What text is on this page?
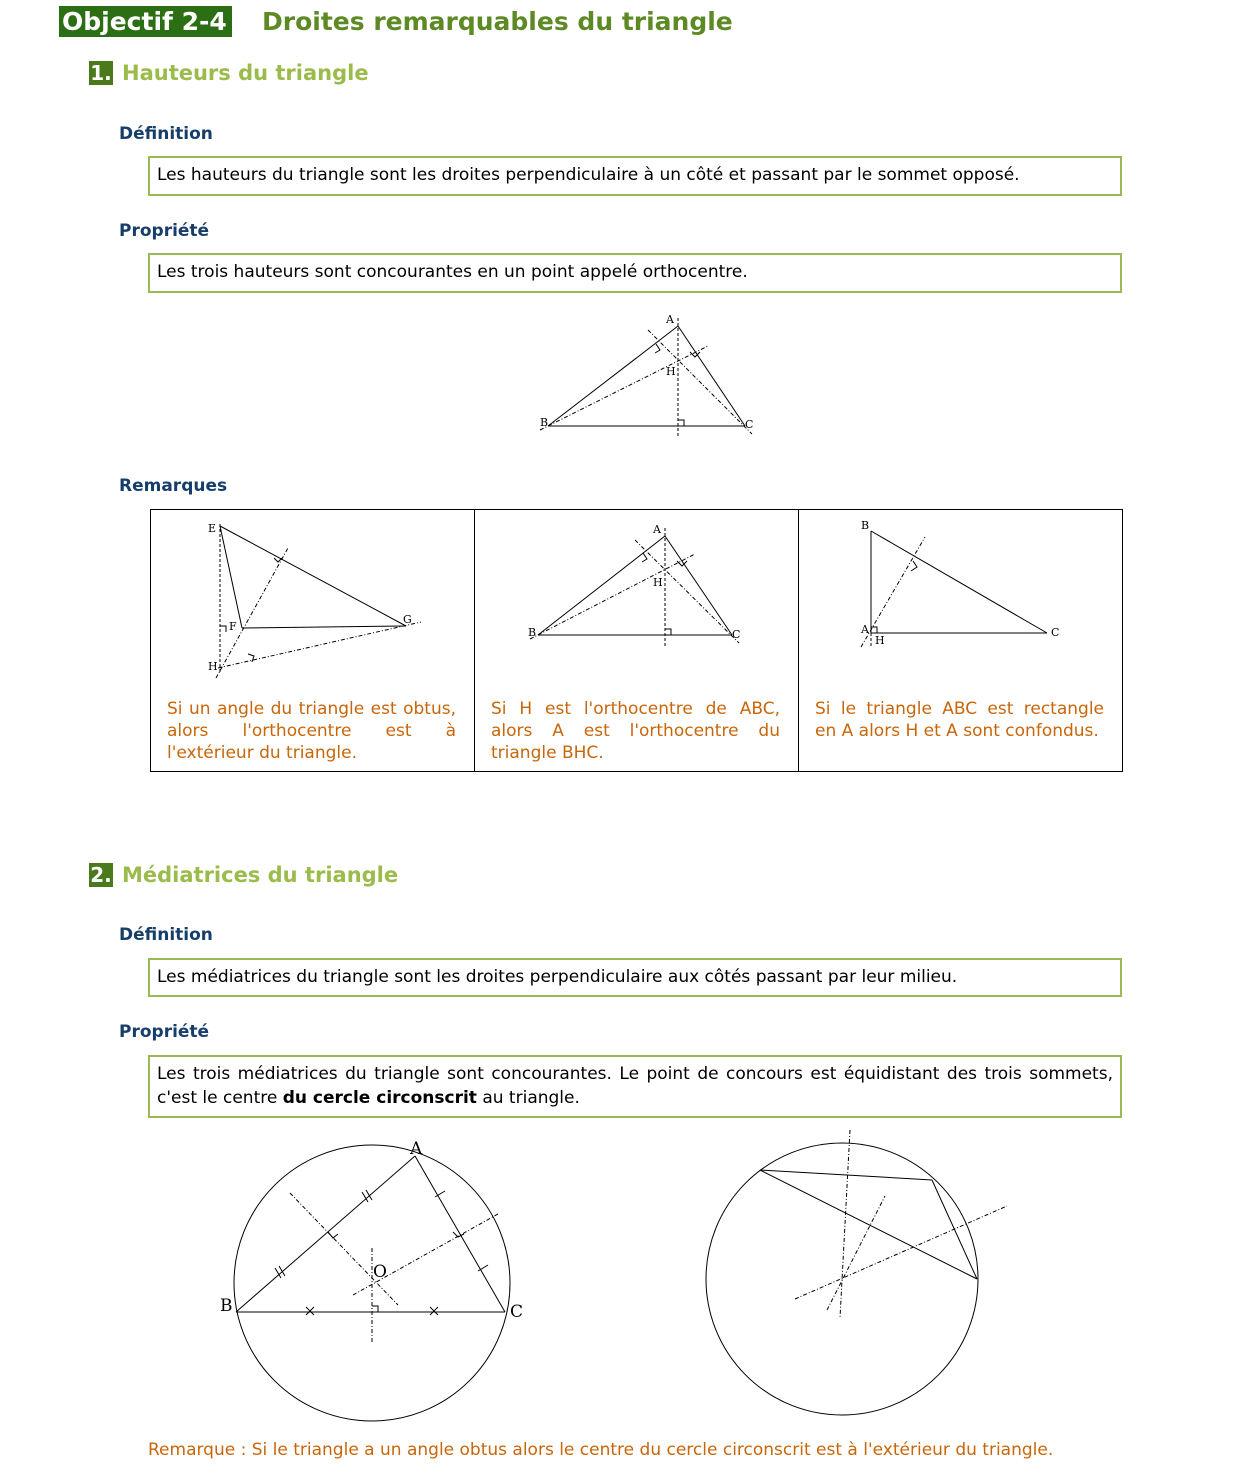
Objectif 2-4 Droites remarquables du triangle
1. Hauteurs du triangle
Définition
Les hauteurs du triangle sont les droites perpendiculaire à un côté et passant par le sommet opposé.
Propriété
Les trois hauteurs sont concourantes en un point appelé orthocentre.
A
B	C
H
Remarques
E
F
G
H
Si un angle du triangle est obtus, alors l'orthocentre est à l'extérieur du triangle.
A
B	C
H
Si H est l'orthocentre de ABC, alors A est l'orthocentre du triangle BHC.
B
A	C
H
Si le triangle ABC est rectangle en A alors H et A sont confondus.
2. Médiatrices du triangle
Définition
Les médiatrices du triangle sont les droites perpendiculaire aux côtés passant par leur milieu.
Propriété
Les trois médiatrices du triangle sont concourantes. Le point de concours est équidistant des trois sommets, c'est le centre du cercle circonscrit au triangle.
A
B	C
O
Remarque : Si le triangle a un angle obtus alors le centre du cercle circonscrit est à l'extérieur du triangle.
